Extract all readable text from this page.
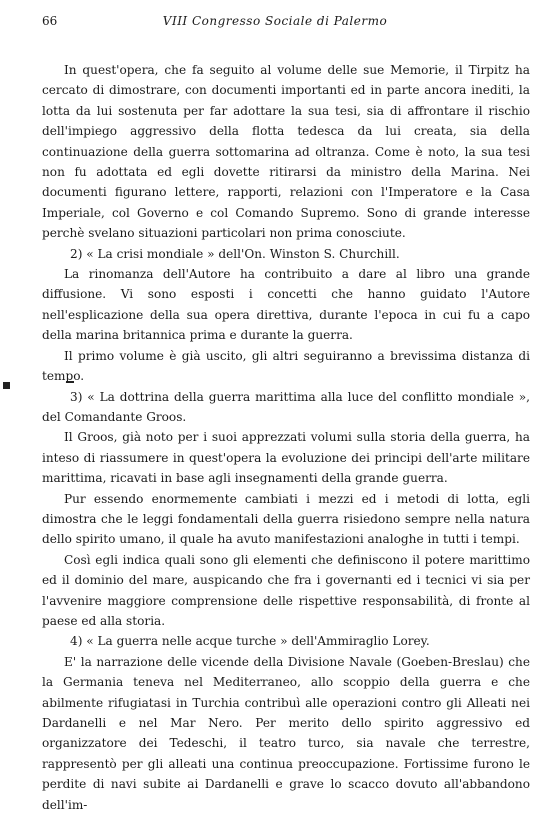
66	VIII Congresso Sociale di Palermo

In quest'opera, che fa seguito al volume delle sue Memorie, il Tirpitz ha cercato di dimostrare, con documenti importanti ed in parte ancora inediti, la lotta da lui sostenuta per far adottare la sua tesi, sia di affrontare il rischio dell'impiego aggressivo della flotta tedesca da lui creata, sia della continuazione della guerra sottomarina ad oltranza. Come è noto, la sua tesi non fu adottata ed egli dovette ritirarsi da ministro della Marina. Nei documenti figurano lettere, rapporti, relazioni con l'Imperatore e la Casa Imperiale, col Governo e col Comando Supremo. Sono di grande interesse perchè svelano situazioni particolari non prima conosciute.

2) « La crisi mondiale » dell'On. Winston S. Churchill.

La rinomanza dell'Autore ha contribuito a dare al libro una grande diffusione. Vi sono esposti i concetti che hanno guidato l'Autore nell'esplicazione della sua opera direttiva, durante l'epoca in cui fu a capo della marina britannica prima e durante la guerra.

Il primo volume è già uscito, gli altri seguiranno a brevissima distanza di tempo.

3) « La dottrina della guerra marittima alla luce del conflitto mondiale », del Comandante Groos.

Il Groos, già noto per i suoi apprezzati volumi sulla storia della guerra, ha inteso di riassumere in quest'opera la evoluzione dei principi dell'arte militare marittima, ricavati in base agli insegnamenti della grande guerra.

Pur essendo enormemente cambiati i mezzi ed i metodi di lotta, egli dimostra che le leggi fondamentali della guerra risiedono sempre nella natura dello spirito umano, il quale ha avuto manifestazioni analoghe in tutti i tempi.

Così egli indica quali sono gli elementi che definiscono il potere marittimo ed il dominio del mare, auspicando che fra i governanti ed i tecnici vi sia per l'avvenire maggiore comprensione delle rispettive responsabilità, di fronte al paese ed alla storia.

4) « La guerra nelle acque turche » dell'Ammiraglio Lorey.

E' la narrazione delle vicende della Divisione Navale (Goeben-Breslau) che la Germania teneva nel Mediterraneo, allo scoppio della guerra e che abilmente rifugiatasi in Turchia contribuì alle operazioni contro gli Alleati nei Dardanelli e nel Mar Nero. Per merito dello spirito aggressivo ed organizzatore dei Tedeschi, il teatro turco, sia navale che terrestre, rappresentò per gli alleati una continua preoccupazione. Fortissime furono le perdite di navi subite ai Dardanelli e grave lo scacco dovuto all'abbandono dell'im-
